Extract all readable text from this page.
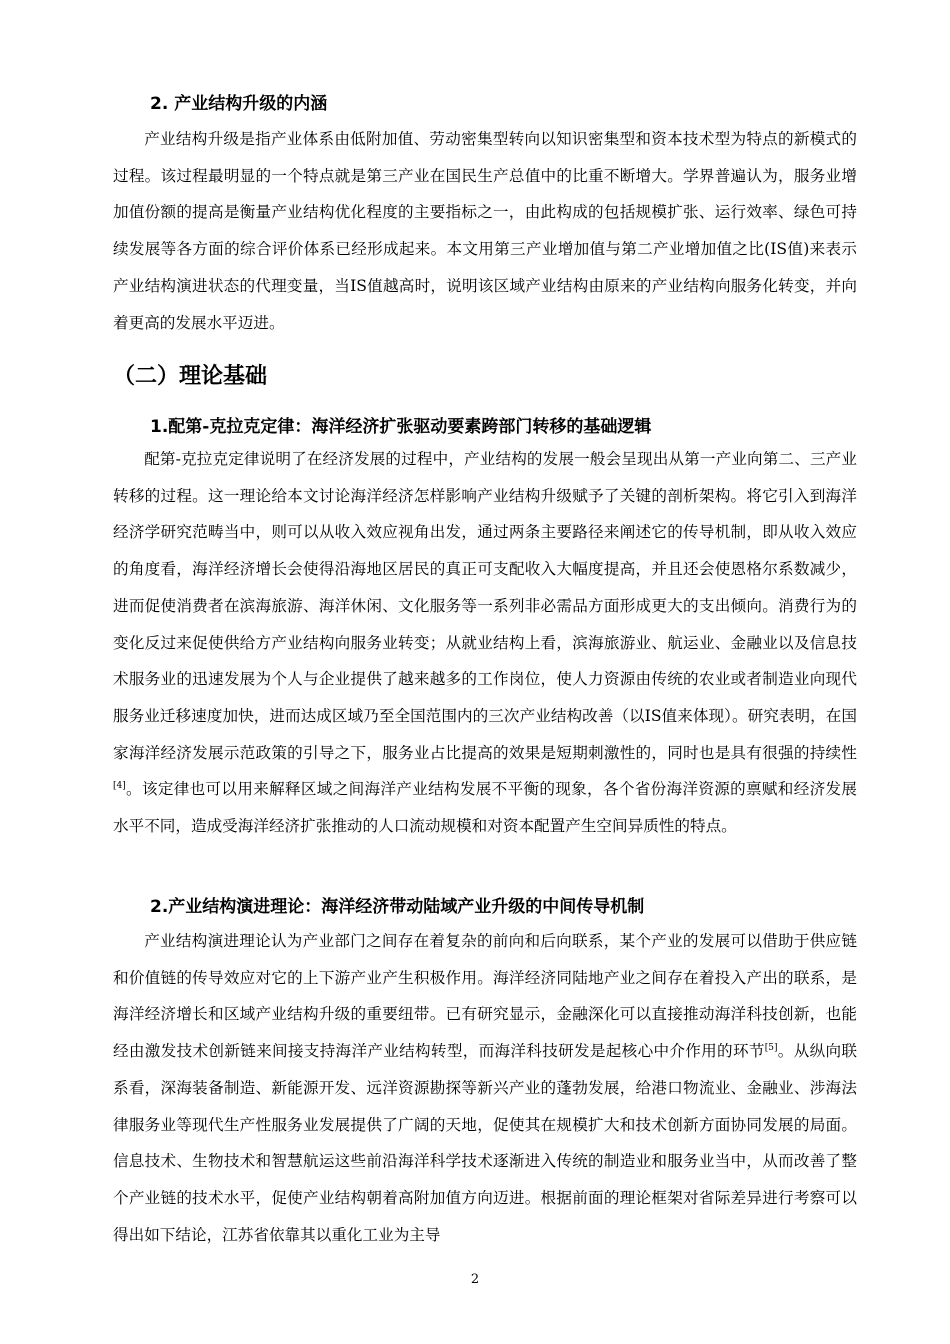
2. 产业结构升级的内涵

产业结构升级是指产业体系由低附加值、劳动密集型转向以知识密集型和资本技术型为特点的新模式的过程。该过程最明显的一个特点就是第三产业在国民生产总值中的比重不断增大。学界普遍认为，服务业增加值份额的提高是衡量产业结构优化程度的主要指标之一，由此构成的包括规模扩张、运行效率、绿色可持续发展等各方面的综合评价体系已经形成起来。本文用第三产业增加值与第二产业增加值之比(IS值)来表示产业结构演进状态的代理变量，当IS值越高时，说明该区域产业结构由原来的产业结构向服务化转变，并向着更高的发展水平迈进。

（二）理论基础
1.配第-克拉克定律：海洋经济扩张驱动要素跨部门转移的基础逻辑

配第-克拉克定律说明了在经济发展的过程中，产业结构的发展一般会呈现出从第一产业向第二、三产业转移的过程。这一理论给本文讨论海洋经济怎样影响产业结构升级赋予了关键的剖析架构。将它引入到海洋经济学研究范畴当中，则可以从收入效应视角出发，通过两条主要路径来阐述它的传导机制，即从收入效应的角度看，海洋经济增长会使得沿海地区居民的真正可支配收入大幅度提高，并且还会使恩格尔系数减少，进而促使消费者在滨海旅游、海洋休闲、文化服务等一系列非必需品方面形成更大的支出倾向。消费行为的变化反过来促使供给方产业结构向服务业转变；从就业结构上看，滨海旅游业、航运业、金融业以及信息技术服务业的迅速发展为个人与企业提供了越来越多的工作岗位，使人力资源由传统的农业或者制造业向现代服务业迁移速度加快，进而达成区域乃至全国范围内的三次产业结构改善（以IS值来体现）。研究表明，在国家海洋经济发展示范政策的引导之下，服务业占比提高的效果是短期刺激性的，同时也是具有很强的持续性[4]。该定律也可以用来解释区域之间海洋产业结构发展不平衡的现象，各个省份海洋资源的禀赋和经济发展水平不同，造成受海洋经济扩张推动的人口流动规模和对资本配置产生空间异质性的特点。

2.产业结构演进理论：海洋经济带动陆域产业升级的中间传导机制

产业结构演进理论认为产业部门之间存在着复杂的前向和后向联系，某个产业的发展可以借助于供应链和价值链的传导效应对它的上下游产业产生积极作用。海洋经济同陆地产业之间存在着投入产出的联系，是海洋经济增长和区域产业结构升级的重要纽带。已有研究显示，金融深化可以直接推动海洋科技创新，也能经由激发技术创新链来间接支持海洋产业结构转型，而海洋科技研发是起核心中介作用的环节[5]。从纵向联系看，深海装备制造、新能源开发、远洋资源勘探等新兴产业的蓬勃发展，给港口物流业、金融业、涉海法律服务业等现代生产性服务业发展提供了广阔的天地，促使其在规模扩大和技术创新方面协同发展的局面。信息技术、生物技术和智慧航运这些前沿海洋科学技术逐渐进入传统的制造业和服务业当中，从而改善了整个产业链的技术水平，促使产业结构朝着高附加值方向迈进。根据前面的理论框架对省际差异进行考察可以得出如下结论，江苏省依靠其以重化工业为主导

2
